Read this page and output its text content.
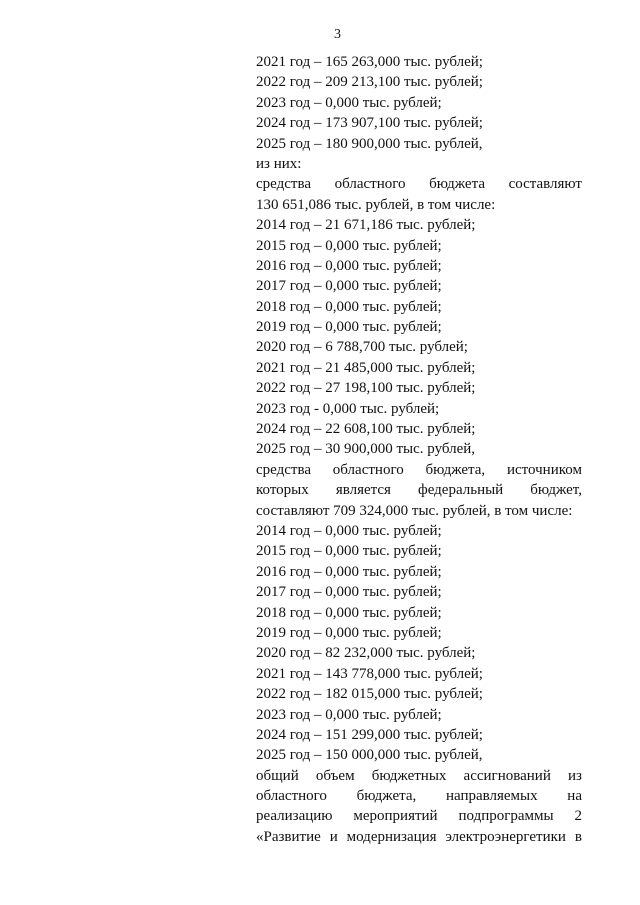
3
2021 год – 165 263,000 тыс. рублей;
2022 год – 209 213,100 тыс. рублей;
2023 год – 0,000 тыс. рублей;
2024 год – 173 907,100 тыс. рублей;
2025 год – 180 900,000 тыс. рублей,
из них:
средства областного бюджета составляют
130 651,086 тыс. рублей, в том числе:
2014 год – 21 671,186 тыс. рублей;
2015 год – 0,000 тыс. рублей;
2016 год – 0,000 тыс. рублей;
2017 год – 0,000 тыс. рублей;
2018 год – 0,000 тыс. рублей;
2019 год – 0,000 тыс. рублей;
2020 год – 6 788,700 тыс. рублей;
2021 год – 21 485,000 тыс. рублей;
2022 год – 27 198,100 тыс. рублей;
2023 год - 0,000 тыс. рублей;
2024 год – 22 608,100 тыс. рублей;
2025 год – 30 900,000 тыс. рублей,
средства областного бюджета, источником
которых является федеральный бюджет,
составляют 709 324,000 тыс. рублей, в том числе:
2014 год – 0,000 тыс. рублей;
2015 год – 0,000 тыс. рублей;
2016 год – 0,000 тыс. рублей;
2017 год – 0,000 тыс. рублей;
2018 год – 0,000 тыс. рублей;
2019 год – 0,000 тыс. рублей;
2020 год – 82 232,000 тыс. рублей;
2021 год – 143 778,000 тыс. рублей;
2022 год – 182 015,000 тыс. рублей;
2023 год – 0,000 тыс. рублей;
2024 год – 151 299,000 тыс. рублей;
2025 год – 150 000,000 тыс. рублей,
общий объем бюджетных ассигнований из
областного бюджета, направляемых на
реализацию мероприятий подпрограммы 2
«Развитие и модернизация электроэнергетики в
